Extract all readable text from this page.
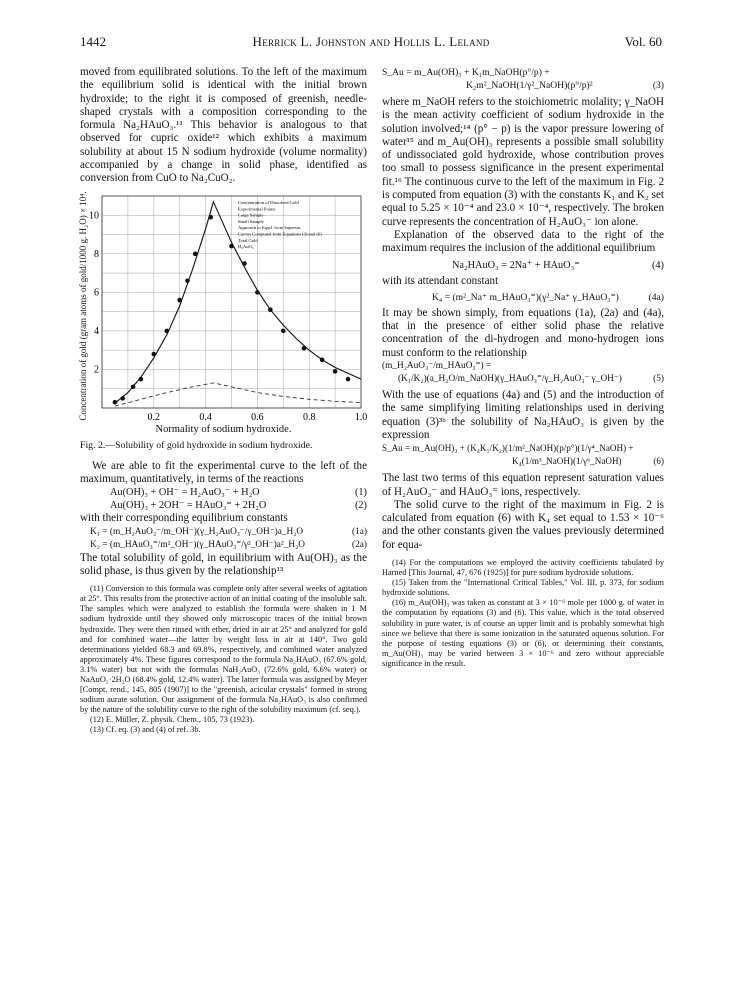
1442	Herrick L. Johnston and Hollis L. Leland	Vol. 60

moved from equilibrated solutions. To the left of the maximum the equilibrium solid is identical with the initial brown hydroxide; to the right it is composed of greenish, needle-shaped crystals with a composition corresponding to the formula Na₂HAuO₃.¹¹ This behavior is analogous to that observed for cupric oxide¹² which exhibits a maximum solubility at about 15 N sodium hydroxide (volume normality) accompanied by a change in solid phase, identified as conversion from CuO to Na₂CuO₂.

Concentration of gold (gram atoms of gold/1000 g. H₂O) × 10⁴.	0.2	0.4	0.6	0.8	1.0
2
4
6
8
10
Concentration of Dissolved Gold
Experimental Points
Large Sample
Small Sample
Approach to Equil. from Supersat.
Curves Computed from Equations (3) and (6)
Total Gold
H₂AuO₃⁻
Normality of sodium hydroxide.

Fig. 2.—Solubility of gold hydroxide in sodium hydroxide.

We are able to fit the experimental curve to the left of the maximum, quantitatively, in terms of the reactions

Au(OH)₃ + OH⁻ = H₂AuO₃⁻ + H₂O	(1)
Au(OH)₃ + 2OH⁻ = HAuO₃⁼ + 2H₂O	(2)

with their corresponding equilibrium constants

K₁ = (m_H₂AuO₃⁻/m_OH⁻)(γ_H₂AuO₃⁻/γ_OH⁻)a_H₂O	(1a)
K₂ = (m_HAuO₃⁼/m²_OH⁻)(γ_HAuO₃⁼/γ²_OH⁻)a²_H₂O	(2a)

The total solubility of gold, in equilibrium with Au(OH)₃ as the solid phase, is thus given by the relationship¹³

(11) Conversion to this formula was complete only after several weeks of agitation at 25°. This results from the protective action of an initial coating of the insoluble salt. The samples which were analyzed to establish the formula were shaken in 1 M sodium hydroxide until they showed only microscopic traces of the initial brown hydroxide. They were then rinsed with ether, dried in air at 25° and analyzed for gold and for combined water—the latter by weight loss in air at 140°. Two gold determinations yielded 68.3 and 69.8%, respectively, and combined water analyzed approximately 4%. These figures correspond to the formula Na₂HAuO₃ (67.6% gold, 3.1% water) but not with the formulas NaH₂AuO₃ (72.6% gold, 6.6% water) or NaAuO₂·2H₂O (68.4% gold, 12.4% water). The latter formula was assigned by Meyer [Compt. rend., 145, 805 (1907)] to the "greenish, acicular crystals" formed in strong sodium aurate solution. Our assignment of the formula Na₂HAuO₃ is also confirmed by the nature of the solubility curve to the right of the solubility maximum (cf. seq.).

(12) E. Müller, Z. physik. Chem., 105, 73 (1923).

(13) Cf. eq. (3) and (4) of ref. 3b.

S_Au = m_Au(OH)₃ + K₁m_NaOH(p°/p) +
K₂m²_NaOH(1/γ²_NaOH)(p°/p)²	(3)

where m_NaOH refers to the stoichiometric molality; γ_NaOH is the mean activity coefficient of sodium hydroxide in the solution involved;¹⁴ (p° − p) is the vapor pressure lowering of water¹⁵ and m_Au(OH)₃ represents a possible small solubility of undissociated gold hydroxide, whose contribution proves too small to possess significance in the present experimental fit.¹⁶ The continuous curve to the left of the maximum in Fig. 2 is computed from equation (3) with the constants K₁ and K₂ set equal to 5.25 × 10⁻⁴ and 23.0 × 10⁻⁴, respectively. The broken curve represents the concentration of H₂AuO₃⁻ ion alone.

Explanation of the observed data to the right of the maximum requires the inclusion of the additional equilibrium

Na₂HAuO₃ = 2Na⁺ + HAuO₃⁼	(4)

with its attendant constant

K₄ = (m²_Na⁺ m_HAuO₃⁼)(γ²_Na⁺ γ_HAuO₃⁼)	(4a)

It may be shown simply, from equations (1a), (2a) and (4a), that in the presence of either solid phase the relative concentration of the di-hydrogen and mono-hydrogen ions must conform to the relationship

(m_H₂AuO₃⁻/m_HAuO₃⁼) =
(K₁/K₂)(a_H₂O/m_NaOH)(γ_HAuO₃⁼/γ_H₂AuO₃⁻ γ_OH⁻)	(5)

With the use of equations (4a) and (5) and the introduction of the same simplifying limiting relationships used in deriving equation (3)³ᵇ the solubility of Na₂HAuO₃ is given by the expression

S_Au = m_Au(OH)₃ + (K₄K₁/K₂)(1/m²_NaOH)(p/p°)(1/γ⁴_NaOH) +
K₄(1/m³_NaOH)(1/γ⁶_NaOH)	(6)

The last two terms of this equation represent saturation values of H₂AuO₃⁻ and HAuO₃⁼ ions, respectively.

The solid curve to the right of the maximum in Fig. 2 is calculated from equation (6) with K₄ set equal to 1.53 × 10⁻⁶ and the other constants given the values previously determined for equa-

(14) For the computations we employed the activity coefficients tabulated by Harned [This Journal, 47, 676 (1925)] for pure sodium hydroxide solutions.

(15) Taken from the "International Critical Tables," Vol. III, p. 373, for sodium hydroxide solutions.

(16) m_Au(OH)₃ was taken as constant at 3 × 10⁻⁶ mole per 1000 g. of water in the computation by equations (3) and (6). This value, which is the total observed solubility in pure water, is of course an upper limit and is probably somewhat high since we believe that there is some ionization in the saturated aqueous solution. For the purpose of testing equations (3) or (6), or determining their constants, m_Au(OH)₃ may be varied between 3 × 10⁻⁶ and zero without appreciable significance in the result.
